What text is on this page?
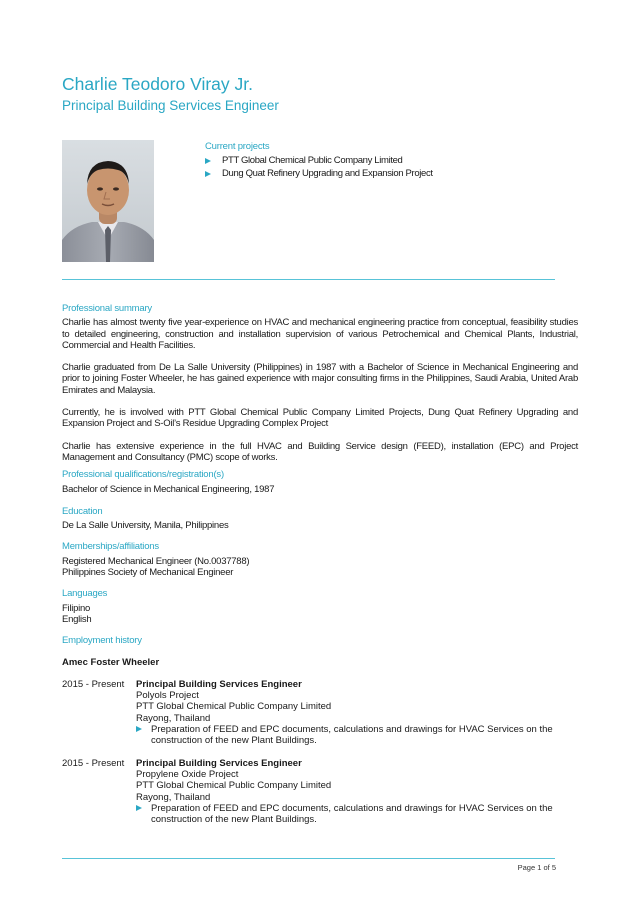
Charlie Teodoro Viray Jr.
Principal Building Services Engineer
Current projects
PTT Global Chemical Public Company Limited
Dung Quat Refinery Upgrading and Expansion Project
Professional summary

Charlie has almost twenty five year-experience on HVAC and mechanical engineering practice from conceptual, feasibility studies to detailed engineering, construction and installation supervision of various Petrochemical and Chemical Plants, Industrial, Commercial and Health Facilities.

Charlie graduated from De La Salle University (Philippines) in 1987 with a Bachelor of Science in Mechanical Engineering and prior to joining Foster Wheeler, he has gained experience with major consulting firms in the Philippines, Saudi Arabia, United Arab Emirates and Malaysia.

Currently, he is involved with PTT Global Chemical Public Company Limited Projects, Dung Quat Refinery Upgrading and Expansion Project and S-Oil’s Residue Upgrading Complex Project

Charlie has extensive experience in the full HVAC and Building Service design (FEED), installation (EPC) and Project Management and Consultancy (PMC) scope of works.

Professional qualifications/registration(s)

Bachelor of Science in Mechanical Engineering, 1987

Education

De La Salle University, Manila, Philippines

Memberships/affiliations

Registered Mechanical Engineer (No.0037788)

Philippines Society of Mechanical Engineer

Languages

Filipino

English

Employment history

Amec Foster Wheeler

2015 - Present	Principal Building Services Engineer
Polyols Project
PTT Global Chemical Public Company Limited
Rayong, Thailand
Preparation of FEED and EPC documents, calculations and drawings for HVAC Services on the construction of the new Plant Buildings.
2015 - Present	Principal Building Services Engineer
Propylene Oxide Project
PTT Global Chemical Public Company Limited
Rayong, Thailand
Preparation of FEED and EPC documents, calculations and drawings for HVAC Services on the construction of the new Plant Buildings.
Page 1 of 5
